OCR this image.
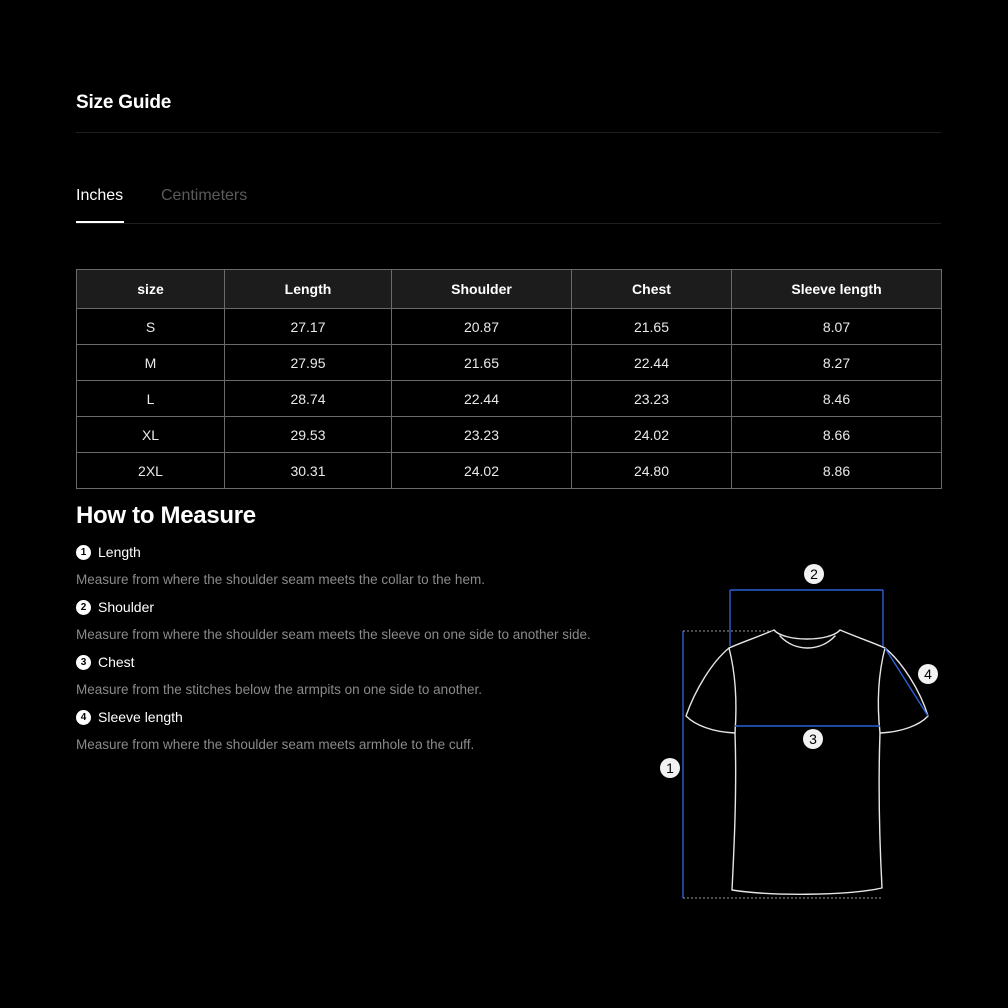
Size Guide
Inches Centimeters
size	Length	Shoulder	Chest	Sleeve length
S	27.17	20.87	21.65	8.07
M	27.95	21.65	22.44	8.27
L	28.74	22.44	23.23	8.46
XL	29.53	23.23	24.02	8.66
2XL	30.31	24.02	24.80	8.86
How to Measure
1 Length
Measure from where the shoulder seam meets the collar to the hem.
2 Shoulder
Measure from where the shoulder seam meets the sleeve on one side to another side.
3 Chest
Measure from the stitches below the armpits on one side to another.
4 Sleeve length
Measure from where the shoulder seam meets armhole to the cuff.
1
2
3
4
